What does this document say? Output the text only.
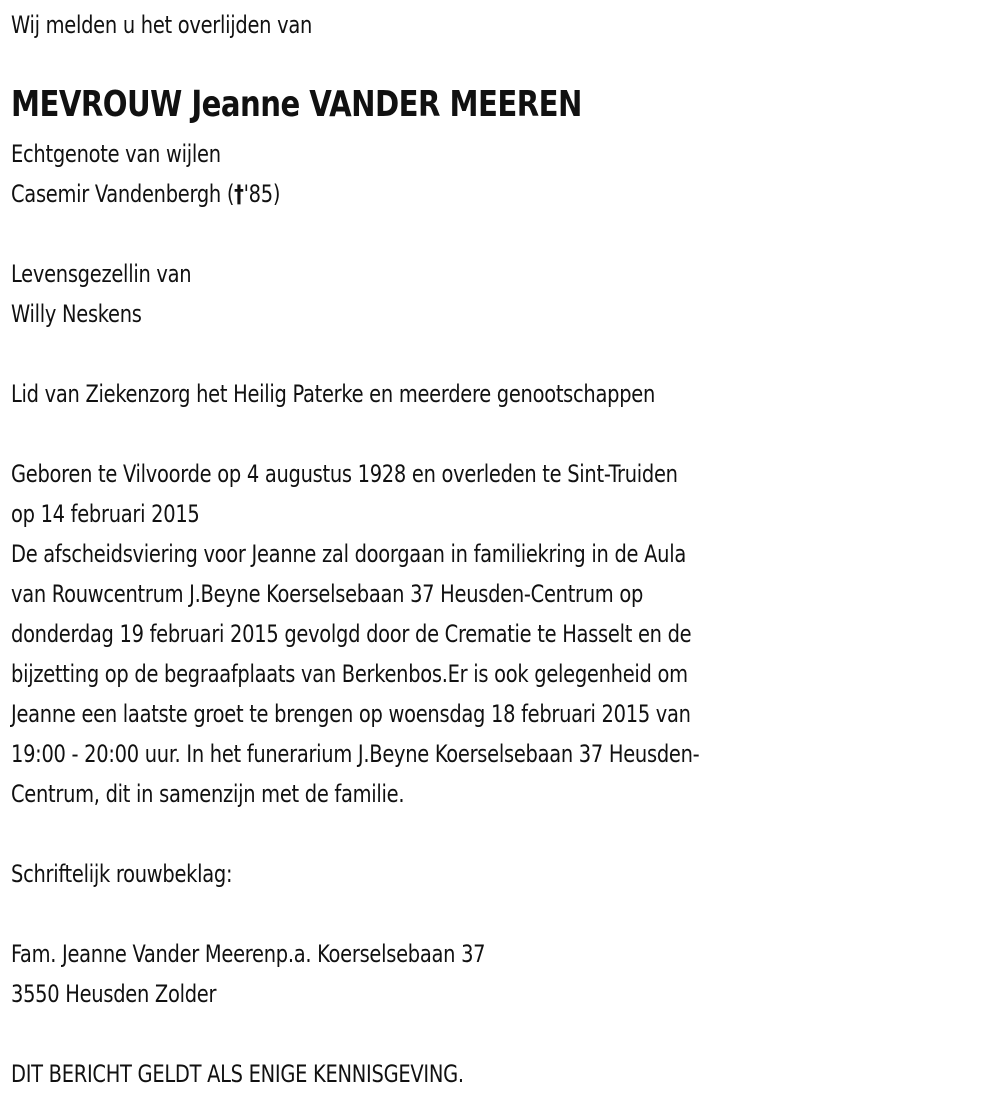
Wij melden u het overlijden van
MEVROUW Jeanne VANDER MEEREN
Echtgenote van wijlen
Casemir Vandenbergh (†'85)
Levensgezellin van
Willy Neskens
Lid van Ziekenzorg het Heilig Paterke en meerdere genootschappen
Geboren te Vilvoorde op 4 augustus 1928 en overleden te Sint-Truiden
op 14 februari 2015
De afscheidsviering voor Jeanne zal doorgaan in familiekring in de Aula
van Rouwcentrum J.Beyne Koerselsebaan 37 Heusden-Centrum op
donderdag 19 februari 2015 gevolgd door de Crematie te Hasselt en de
bijzetting op de begraafplaats van Berkenbos.Er is ook gelegenheid om
Jeanne een laatste groet te brengen op woensdag 18 februari 2015 van
19:00 - 20:00 uur. In het funerarium J.Beyne Koerselsebaan 37 Heusden-
Centrum, dit in samenzijn met de familie.
Schriftelijk rouwbeklag:
Fam. Jeanne Vander Meerenp.a. Koerselsebaan 37
3550 Heusden Zolder
DIT BERICHT GELDT ALS ENIGE KENNISGEVING.
